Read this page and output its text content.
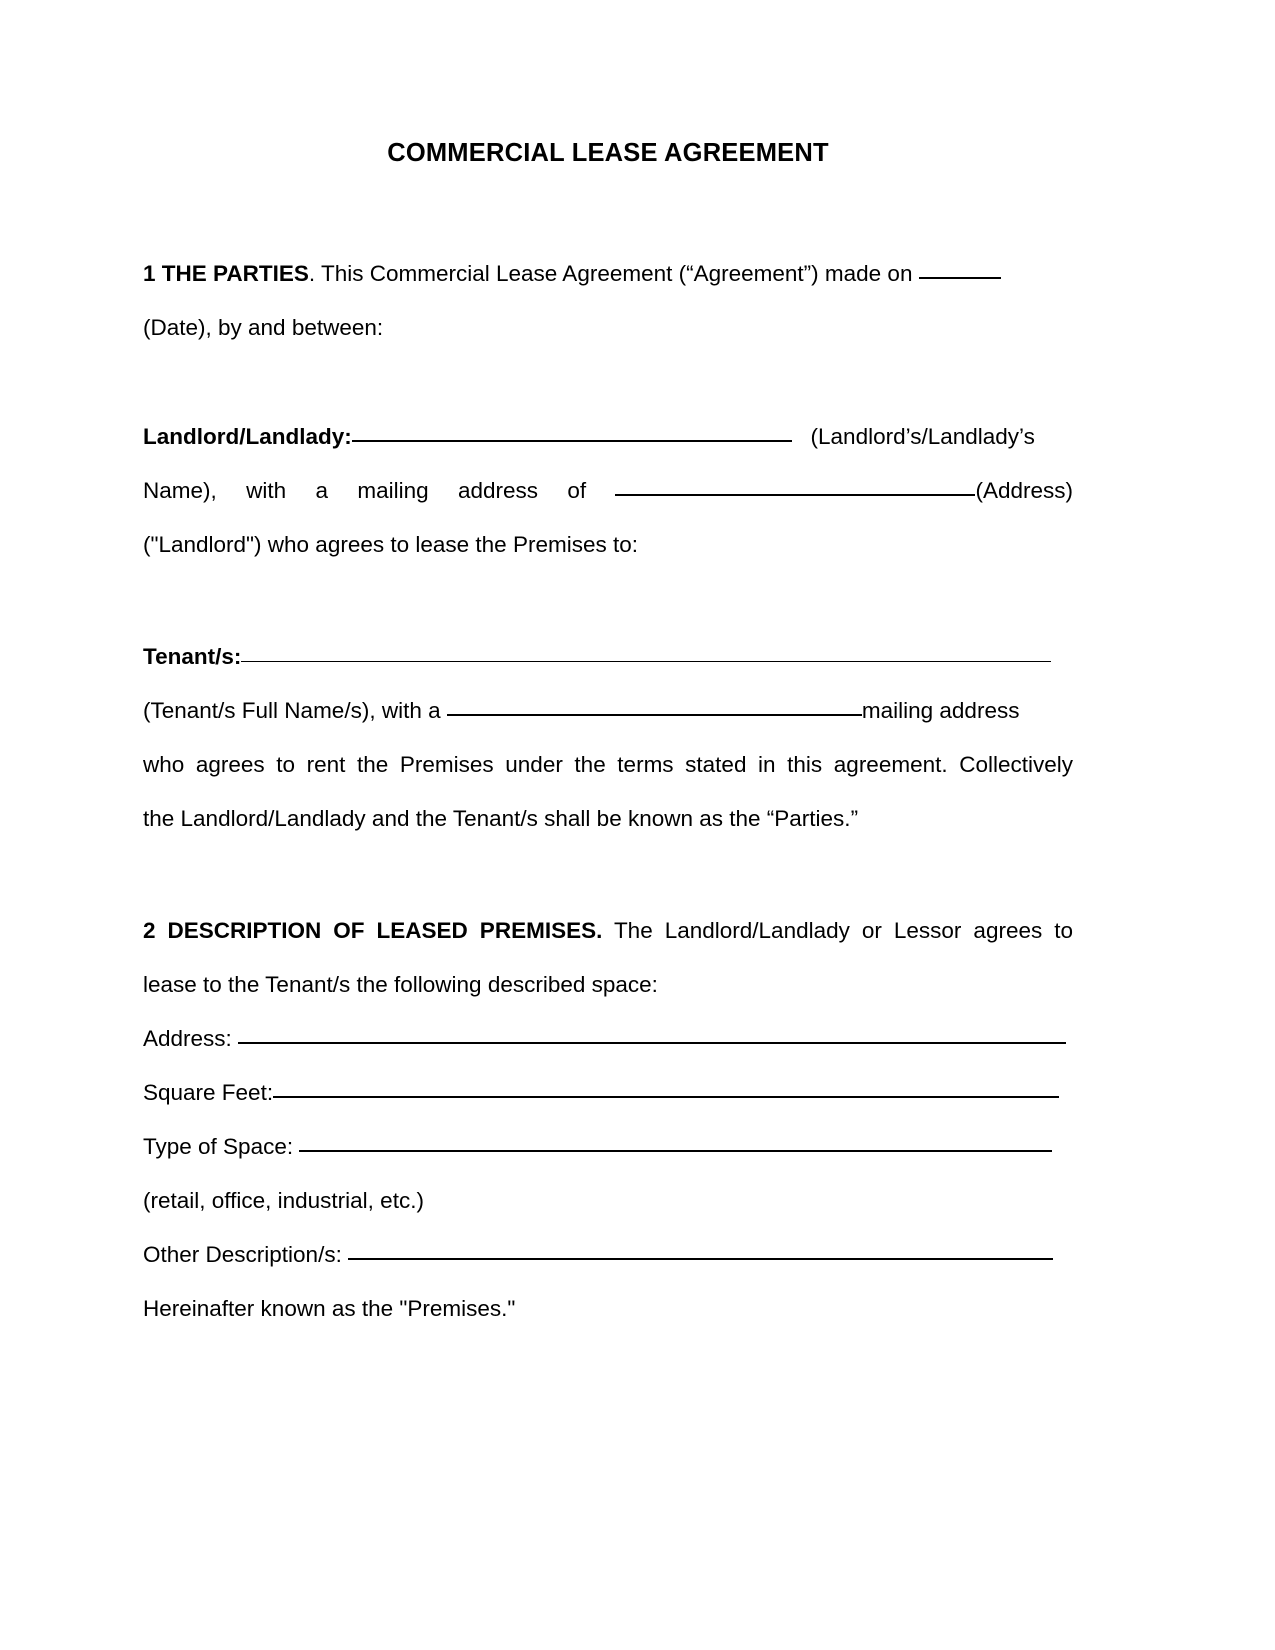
COMMERCIAL LEASE AGREEMENT

1 THE PARTIES. This Commercial Lease Agreement (“Agreement”) made on

(Date), by and between:

Landlord/Landlady:	(Landlord’s/Landlady’s

Name), with a mailing address of	(Address)

("Landlord") who agrees to lease the Premises to:

Tenant/s:

(Tenant/s Full Name/s), with a	mailing address

who agrees to rent the Premises under the terms stated in this agreement. Collectively

the Landlord/Landlady and the Tenant/s shall be known as the “Parties.”

2 DESCRIPTION OF LEASED PREMISES. The Landlord/Landlady or Lessor agrees to

lease to the Tenant/s the following described space:

Address:
Square Feet:
Type of Space:
(retail, office, industrial, etc.)
Other Description/s:
Hereinafter known as the "Premises."
